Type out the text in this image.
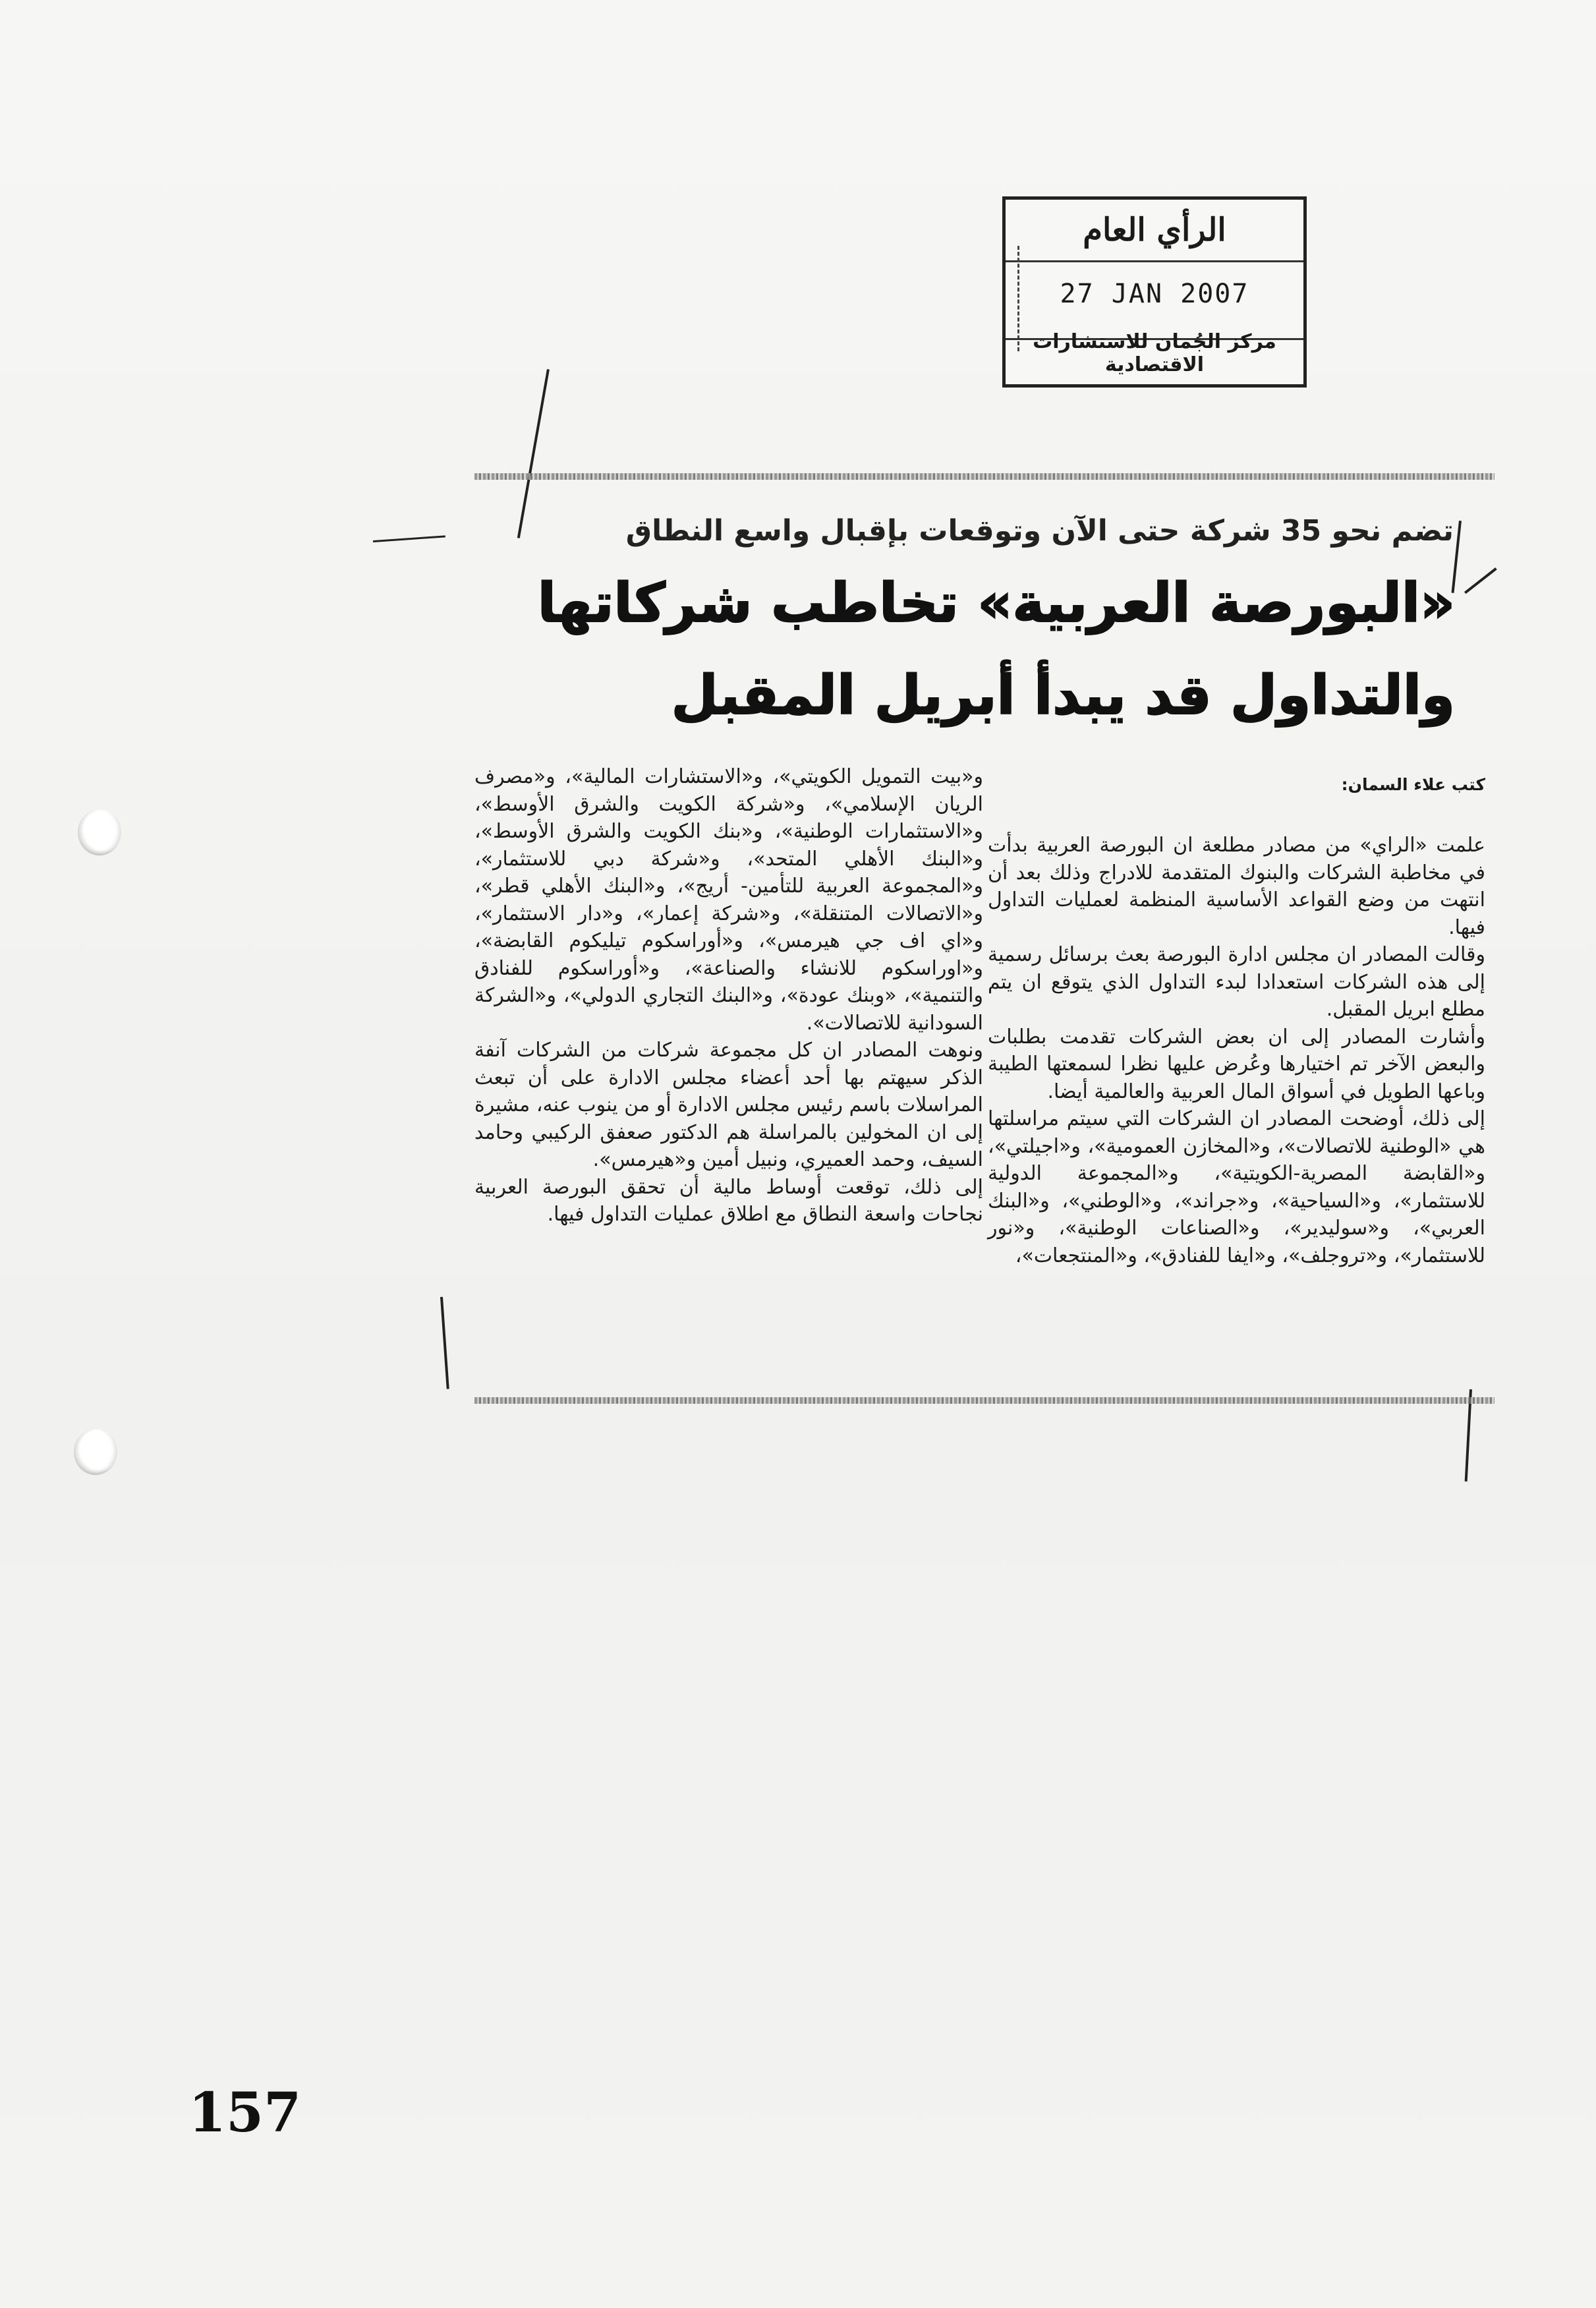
الرأي العام
27 JAN 2007
مركز الجُمان للاستشارات الاقتصادية
تضم نحو 35 شركة حتى الآن وتوقعات بإقبال واسع النطاق
«البورصة العربية» تخاطب شركاتها
والتداول قد يبدأ أبريل المقبل
كتب علاء السمان:

علمت «الراي» من مصادر مطلعة ان البورصة العربية بدأت في مخاطبة الشركات والبنوك المتقدمة للادراج وذلك بعد أن انتهت من وضع القواعد الأساسية المنظمة لعمليات التداول فيها.

وقالت المصادر ان مجلس ادارة البورصة بعث برسائل رسمية إلى هذه الشركات استعدادا لبدء التداول الذي يتوقع ان يتم مطلع ابريل المقبل.

وأشارت المصادر إلى ان بعض الشركات تقدمت بطلبات والبعض الآخر تم اختيارها وعُرض عليها نظرا لسمعتها الطيبة وباعها الطويل في أسواق المال العربية والعالمية أيضا.

إلى ذلك، أوضحت المصادر ان الشركات التي سيتم مراسلتها هي «الوطنية للاتصالات»، و«المخازن العمومية»، و«اجيلتي»، و«القابضة المصرية-الكويتية»، و«المجموعة الدولية للاستثمار»، و«السياحية»، و«جراند»، و«الوطني»، و«البنك العربي»، و«سوليدير»، و«الصناعات الوطنية»، و«نور للاستثمار»، و«تروجلف»، و«ايفا للفنادق»، و«المنتجعات»،

و«بيت التمويل الكويتي»، و«الاستشارات المالية»، و«مصرف الريان الإسلامي»، و«شركة الكويت والشرق الأوسط»، و«الاستثمارات الوطنية»، و«بنك الكويت والشرق الأوسط»، و«البنك الأهلي المتحد»، و«شركة دبي للاستثمار»، و«المجموعة العربية للتأمين- أريج»، و«البنك الأهلي قطر»، و«الاتصالات المتنقلة»، و«شركة إعمار»، و«دار الاستثمار»، و«اي اف جي هيرمس»، و«أوراسكوم تيليكوم القابضة»، و«اوراسكوم للانشاء والصناعة»، و«أوراسكوم للفنادق والتنمية»، «وبنك عودة»، و«البنك التجاري الدولي»، و«الشركة السودانية للاتصالات».

ونوهت المصادر ان كل مجموعة شركات من الشركات آنفة الذكر سيهتم بها أحد أعضاء مجلس الادارة على أن تبعث المراسلات باسم رئيس مجلس الادارة أو من ينوب عنه، مشيرة إلى ان المخولين بالمراسلة هم الدكتور صعفق الركيبي وحامد السيف، وحمد العميري، ونبيل أمين و«هيرمس».

إلى ذلك، توقعت أوساط مالية أن تحقق البورصة العربية نجاحات واسعة النطاق مع اطلاق عمليات التداول فيها.

157
